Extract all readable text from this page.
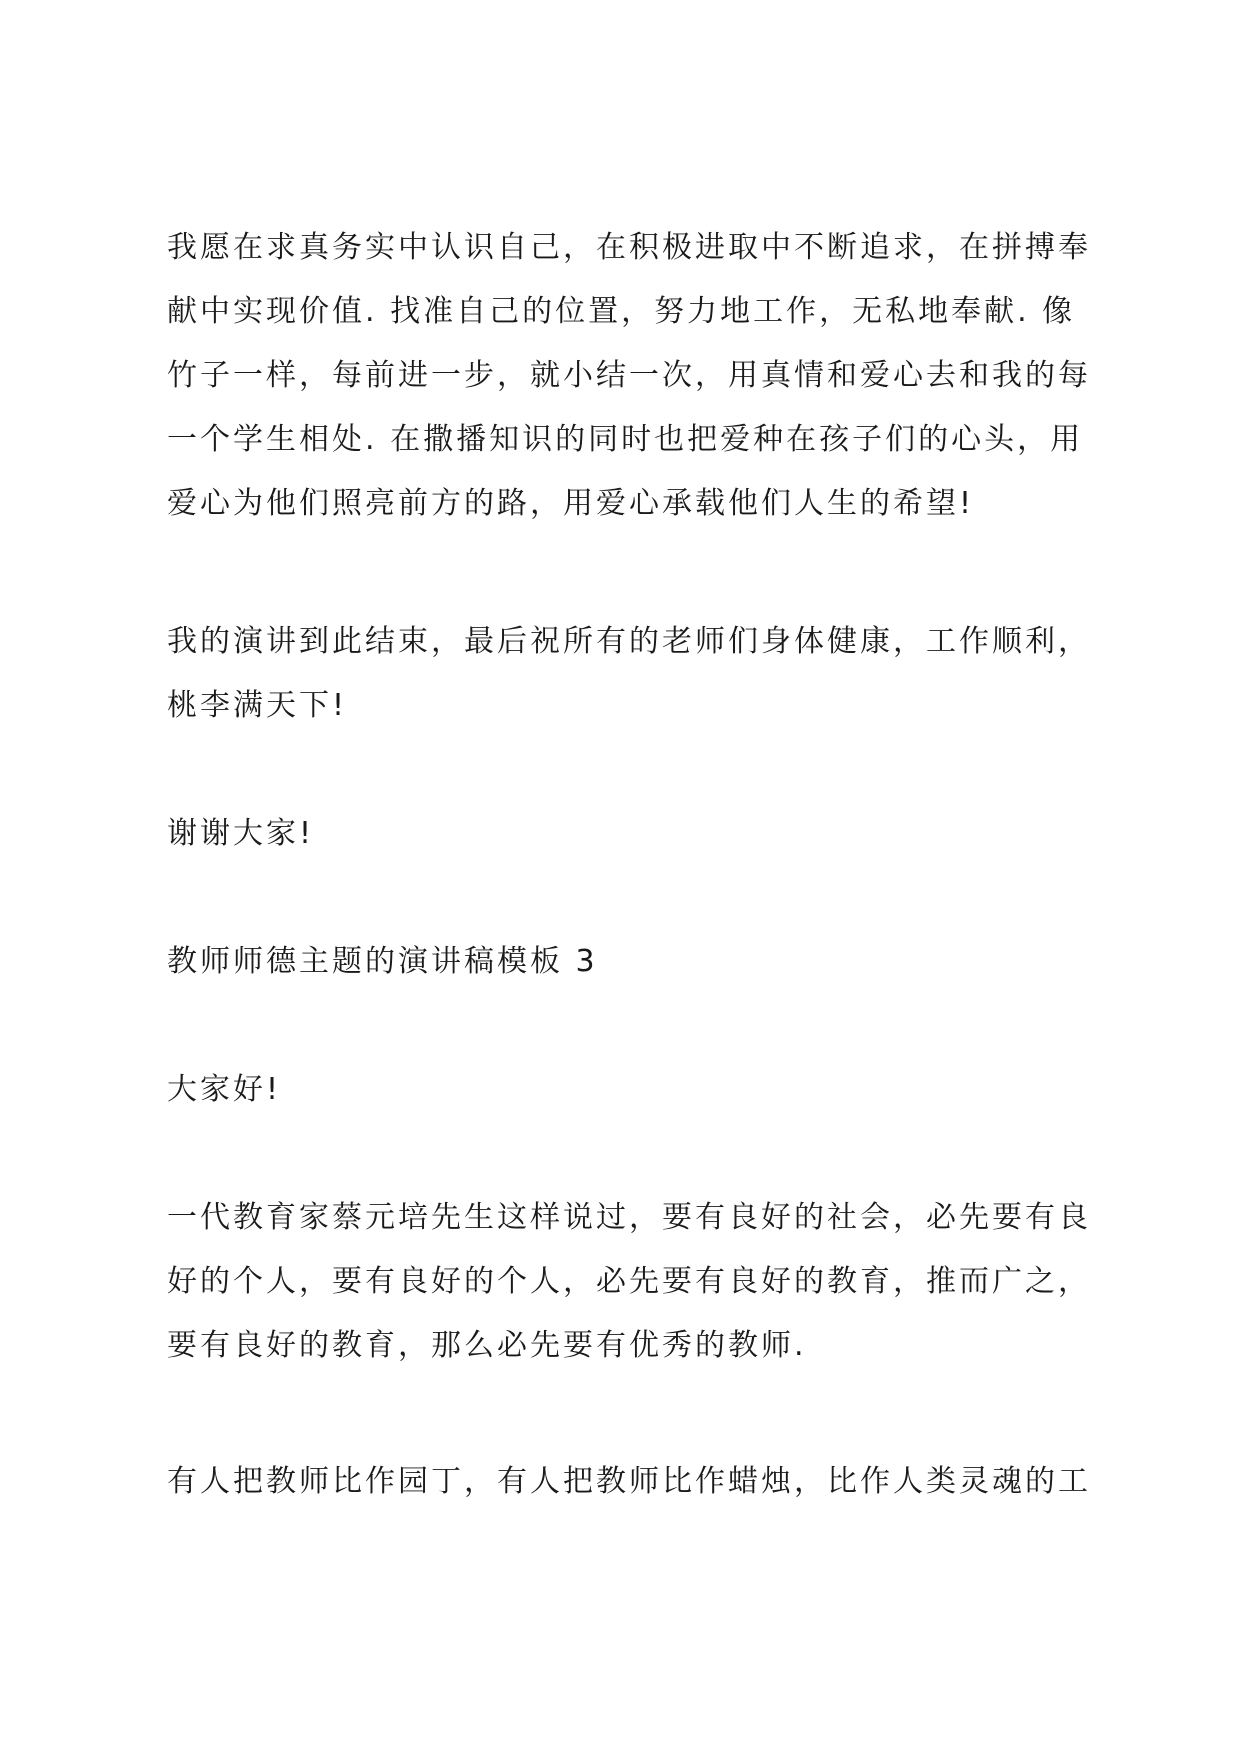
我愿在求真务实中认识自己，在积极进取中不断追求，在拼搏奉
献中实现价值. 找准自己的位置，努力地工作，无私地奉献. 像
竹子一样，每前进一步，就小结一次，用真情和爱心去和我的每
一个学生相处. 在撒播知识的同时也把爱种在孩子们的心头，用
爱心为他们照亮前方的路，用爱心承载他们人生的希望!
我的演讲到此结束，最后祝所有的老师们身体健康，工作顺利，
桃李满天下!
谢谢大家!
教师师德主题的演讲稿模板 3
大家好!
一代教育家蔡元培先生这样说过，要有良好的社会，必先要有良
好的个人，要有良好的个人，必先要有良好的教育，推而广之，
要有良好的教育，那么必先要有优秀的教师.
有人把教师比作园丁，有人把教师比作蜡烛，比作人类灵魂的工
